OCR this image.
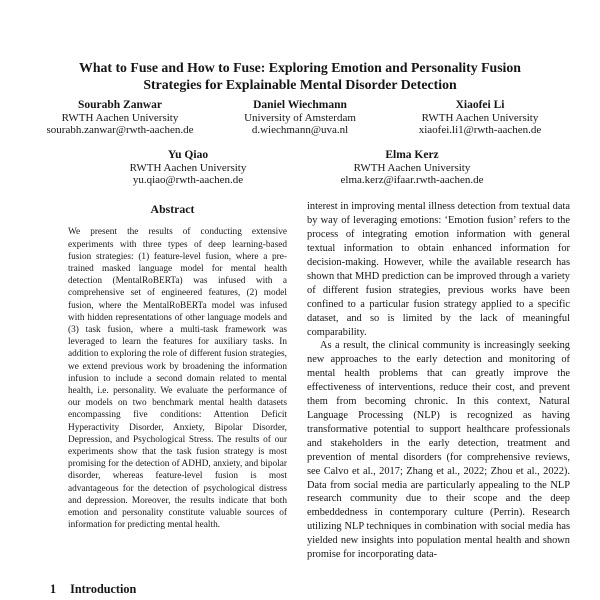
What to Fuse and How to Fuse: Exploring Emotion and Personality Fusion Strategies for Explainable Mental Disorder Detection
Sourabh Zanwar
RWTH Aachen University
sourabh.zanwar@rwth-aachen.de
Daniel Wiechmann
University of Amsterdam
d.wiechmann@uva.nl
Xiaofei Li
RWTH Aachen University
xiaofei.li1@rwth-aachen.de
Yu Qiao
RWTH Aachen University
yu.qiao@rwth-aachen.de
Elma Kerz
RWTH Aachen University
elma.kerz@ifaar.rwth-aachen.de
Abstract
We present the results of conducting extensive experiments with three types of deep learning-based fusion strategies: (1) feature-level fusion, where a pre-trained masked language model for mental health detection (MentalRoBERTa) was infused with a comprehensive set of engineered features, (2) model fusion, where the MentalRoBERTa model was infused with hidden representations of other language models and (3) task fusion, where a multi-task framework was leveraged to learn the features for auxiliary tasks. In addition to exploring the role of different fusion strategies, we extend previous work by broadening the information infusion to include a second domain related to mental health, i.e. personality. We evaluate the performance of our models on two benchmark mental health datasets encompassing five conditions: Attention Deficit Hyperactivity Disorder, Anxiety, Bipolar Disorder, Depression, and Psychological Stress. The results of our experiments show that the task fusion strategy is most promising for the detection of ADHD, anxiety, and bipolar disorder, whereas feature-level fusion is most advantageous for the detection of psychological distress and depression. Moreover, the results indicate that both emotion and personality constitute valuable sources of information for predicting mental health.
1 Introduction

interest in improving mental illness detection from textual data by way of leveraging emotions: ‘Emotion fusion’ refers to the process of integrating emotion information with general textual information to obtain enhanced information for decision-making. However, while the available research has shown that MHD prediction can be improved through a variety of different fusion strategies, previous works have been confined to a particular fusion strategy applied to a specific dataset, and so is limited by the lack of meaningful comparability.

As a result, the clinical community is increasingly seeking new approaches to the early detection and monitoring of mental health problems that can greatly improve the effectiveness of interventions, reduce their cost, and prevent them from becoming chronic. In this context, Natural Language Processing (NLP) is recognized as having transformative potential to support healthcare professionals and stakeholders in the early detection, treatment and prevention of mental disorders (for comprehensive reviews, see Calvo et al., 2017; Zhang et al., 2022; Zhou et al., 2022). Data from social media are particularly appealing to the NLP research community due to their scope and the deep embeddedness in contemporary culture (Perrin). Research utilizing NLP techniques in combination with social media has yielded new insights into population mental health and shown promise for incorporating data-
